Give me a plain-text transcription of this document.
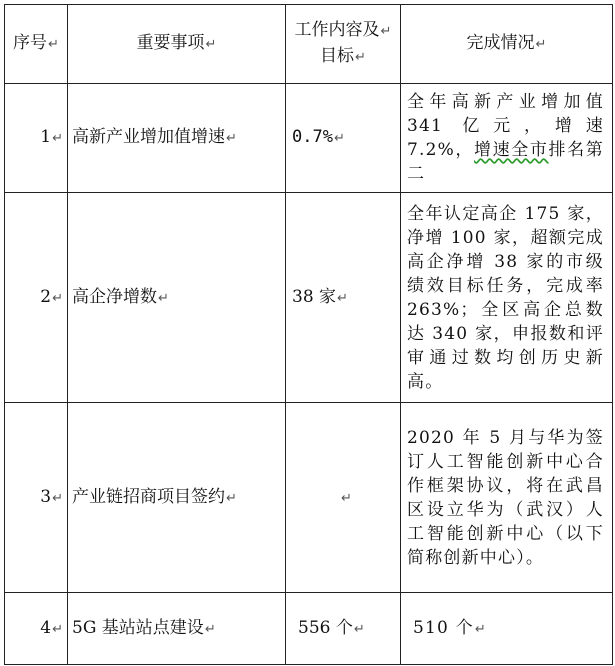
序号↵	重要事项↵	工作内容及↵
目标↵	完成情况↵
1↵	高新产业增加值增速↵	0.7%↵	全年高新产业增加值341 亿元，增速7.2%，增速全市排名第二
2↵	高企净增数↵	38 家↵	全年认定高企 175 家，净增 100 家，超额完成高企净增 38 家的市级绩效目标任务，完成率 263%；全区高企总数达 340 家，申报数和评审通过数均创历史新高。
3↵	产业链招商项目签约↵	↵	2020 年 5 月与华为签订人工智能创新中心合作框架协议，将在武昌区设立华为（武汉）人工智能创新中心（以下简称创新中心）。
4↵	5G 基站站点建设↵	556 个↵	510 个↵
